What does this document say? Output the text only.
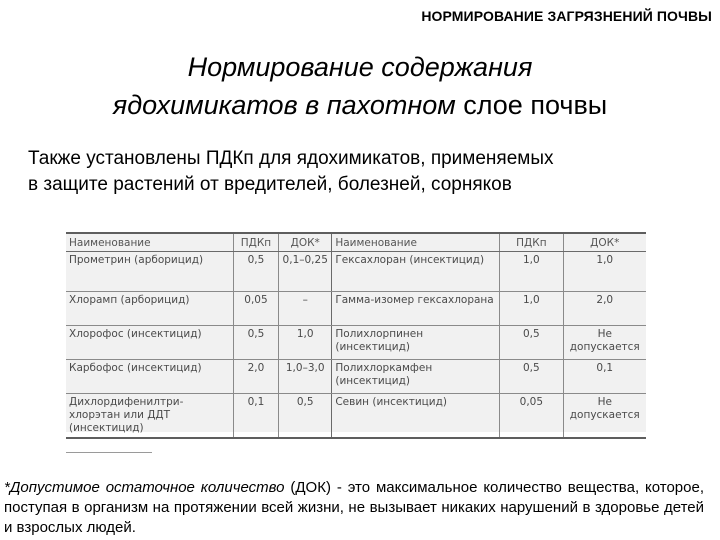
НОРМИРОВАНИЕ ЗАГРЯЗНЕНИЙ ПОЧВЫ
Нормирование содержания
ядохимикатов в пахотном слое почвы
Также установлены ПДКп для ядохимикатов, применяемых
в защите растений от вредителей, болезней, сорняков
Наименование	ПДКп	ДОК*	Наименование	ПДКп	ДОК*
Прометрин (арборицид)	0,5	0,1–0,25	Гексахлоран (инсектицид)	1,0	1,0
Хлорамп (арборицид)	0,05	–	Гамма-изомер гексахлорана	1,0	2,0
Хлорофос (инсектицид)	0,5	1,0	Полихлорпинен (инсектицид)	0,5	Не допускается
Карбофос (инсектицид)	2,0	1,0–3,0	Полихлоркамфен (инсектицид)	0,5	0,1
Дихлордифенилтри-хлорэтан или ДДТ (инсектицид)	0,1	0,5	Севин (инсектицид)	0,05	Не допускается
*Допустимое остаточное количество (ДОК) - это максимальное количество вещества, которое, поступая в организм на протяжении всей жизни, не вызывает никаких нарушений в здоровье детей и взрослых людей.
